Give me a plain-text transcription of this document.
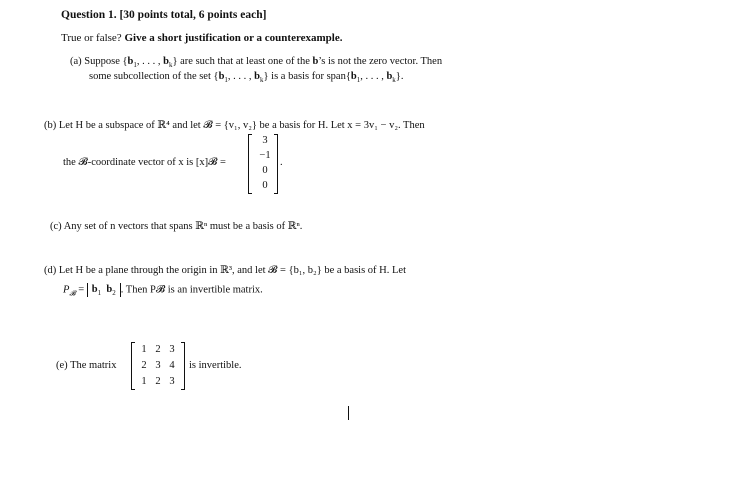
Question 1. [30 points total, 6 points each]
True or false? Give a short justification or a counterexample.
(a) Suppose {$b_1$, . . . , $b_k$} are such that at least one of the b’s is not the zero vector. Then
some subcollection of the set {$b_1$, . . . , $b_k$} is a basis for $span\{b_1$, . . . , $b_k$}.
(b) Let H be a subspace of ℝ⁴ and let 𝓑 = {v₁, v₂} be a basis for H. Let x = 3v₁ − v₂. Then
the 𝓑-coordinate vector of x is [x]𝓑 =
3
−1
0
0
.
(c) Any set of n vectors that spans ℝⁿ must be a basis of ℝⁿ.
(d) Let H be a plane through the origin in ℝ³, and let 𝓑 = {b₁, b₂} be a basis of H. Let
$P_𝓑 = b_1$ $b_2$ . Then P𝓑 is an invertible matrix.
(e) The matrix
1 2 3
2 3 4
1 2 3
is invertible.
